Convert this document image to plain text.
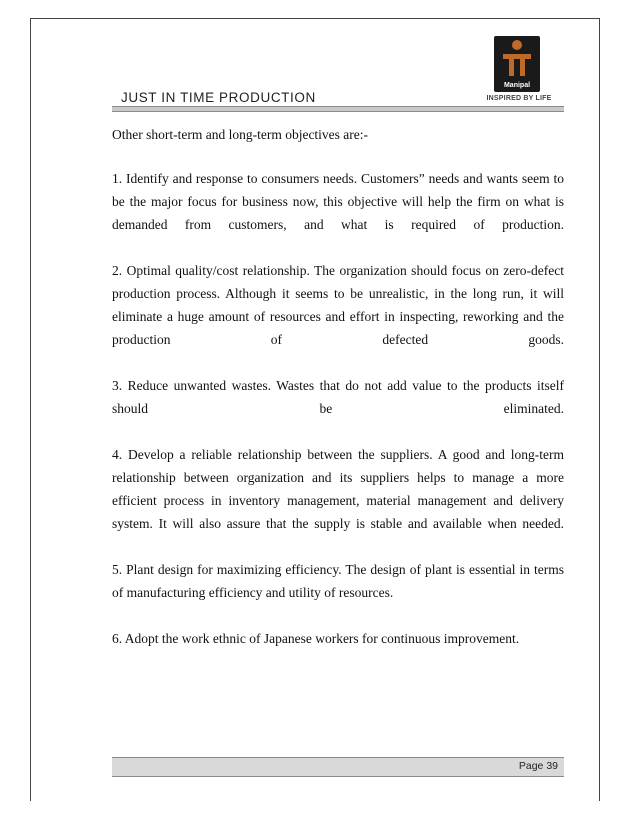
Manipal
INSPIRED BY LIFE
JUST IN TIME PRODUCTION

Other short-term and long-term objectives are:-

1. Identify and response to consumers needs. Customers” needs and wants seem to be the major focus for business now, this objective will help the firm on what is demanded from customers, and what is required of production.

2. Optimal quality/cost relationship. The organization should focus on zero-defect production process. Although it seems to be unrealistic, in the long run, it will eliminate a huge amount of resources and effort in inspecting, reworking and the production of defected goods.

3. Reduce unwanted wastes. Wastes that do not add value to the products itself should be eliminated.

4. Develop a reliable relationship between the suppliers. A good and long-term relationship between organization and its suppliers helps to manage a more efficient process in inventory management, material management and delivery system. It will also assure that the supply is stable and available when needed.

5. Plant design for maximizing efficiency. The design of plant is essential in terms of manufacturing efficiency and utility of resources.

6. Adopt the work ethnic of Japanese workers for continuous improvement.

Page 39
